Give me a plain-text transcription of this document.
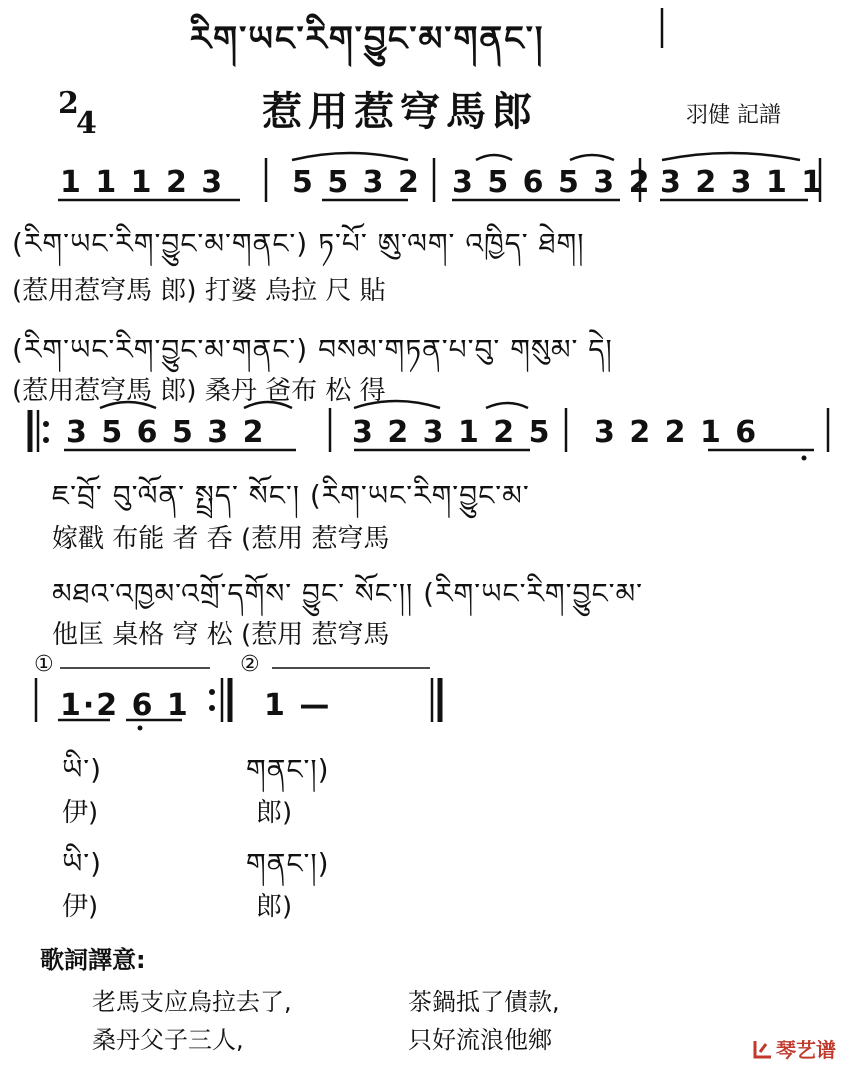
རིག་ཡང་རིག་བྱུང་མ་གནང་།
2
4	惹用惹穹馬郎	羽健 記譜
1 1 1 2 3 5 5 3 2 3 5 6 5 3 2 3 2 3 1 1
(རིག་ཡང་རིག་བྱུང་མ་གནང་) ཏ་པོ་ ཨུ་ལག་ འཁྱིད་ ཐེག།
(惹用惹穹馬 郎) 打婆 烏拉 尺 貼
(རིག་ཡང་རིག་བྱུང་མ་གནང་) བསམ་གཏན་པ་བུ་ གསུམ་ དེ།
(惹用惹穹馬 郎) 桑丹 爸布 松 得
3 5 6 5 3 2	3 2 3 1 2 5 3 2 2 1 6
ཇ་བྲོ་ བུ་ལོན་ སྤྲད་ སོང་། (རིག་ཡང་རིག་བྱུང་མ་
嫁戳 布能 者 呑 (惹用 惹穹馬
མཐའ་འཁྱམ་འགྲོ་དགོས་ བྱུང་ སོང་།། (རིག་ཡང་རིག་བྱུང་མ་
他匡 桌格 穹 松 (惹用 惹穹馬
①	②
1·2 6 1 1 —
ཡི་)
伊)
ཡི་)
伊)
གནང་།)
郎)
གནང་།)
郎)
歌詞譯意:
老馬支应烏拉去了,	茶鍋抵了債款,
桑丹父子三人,	只好流浪他鄉	琴艺谱
